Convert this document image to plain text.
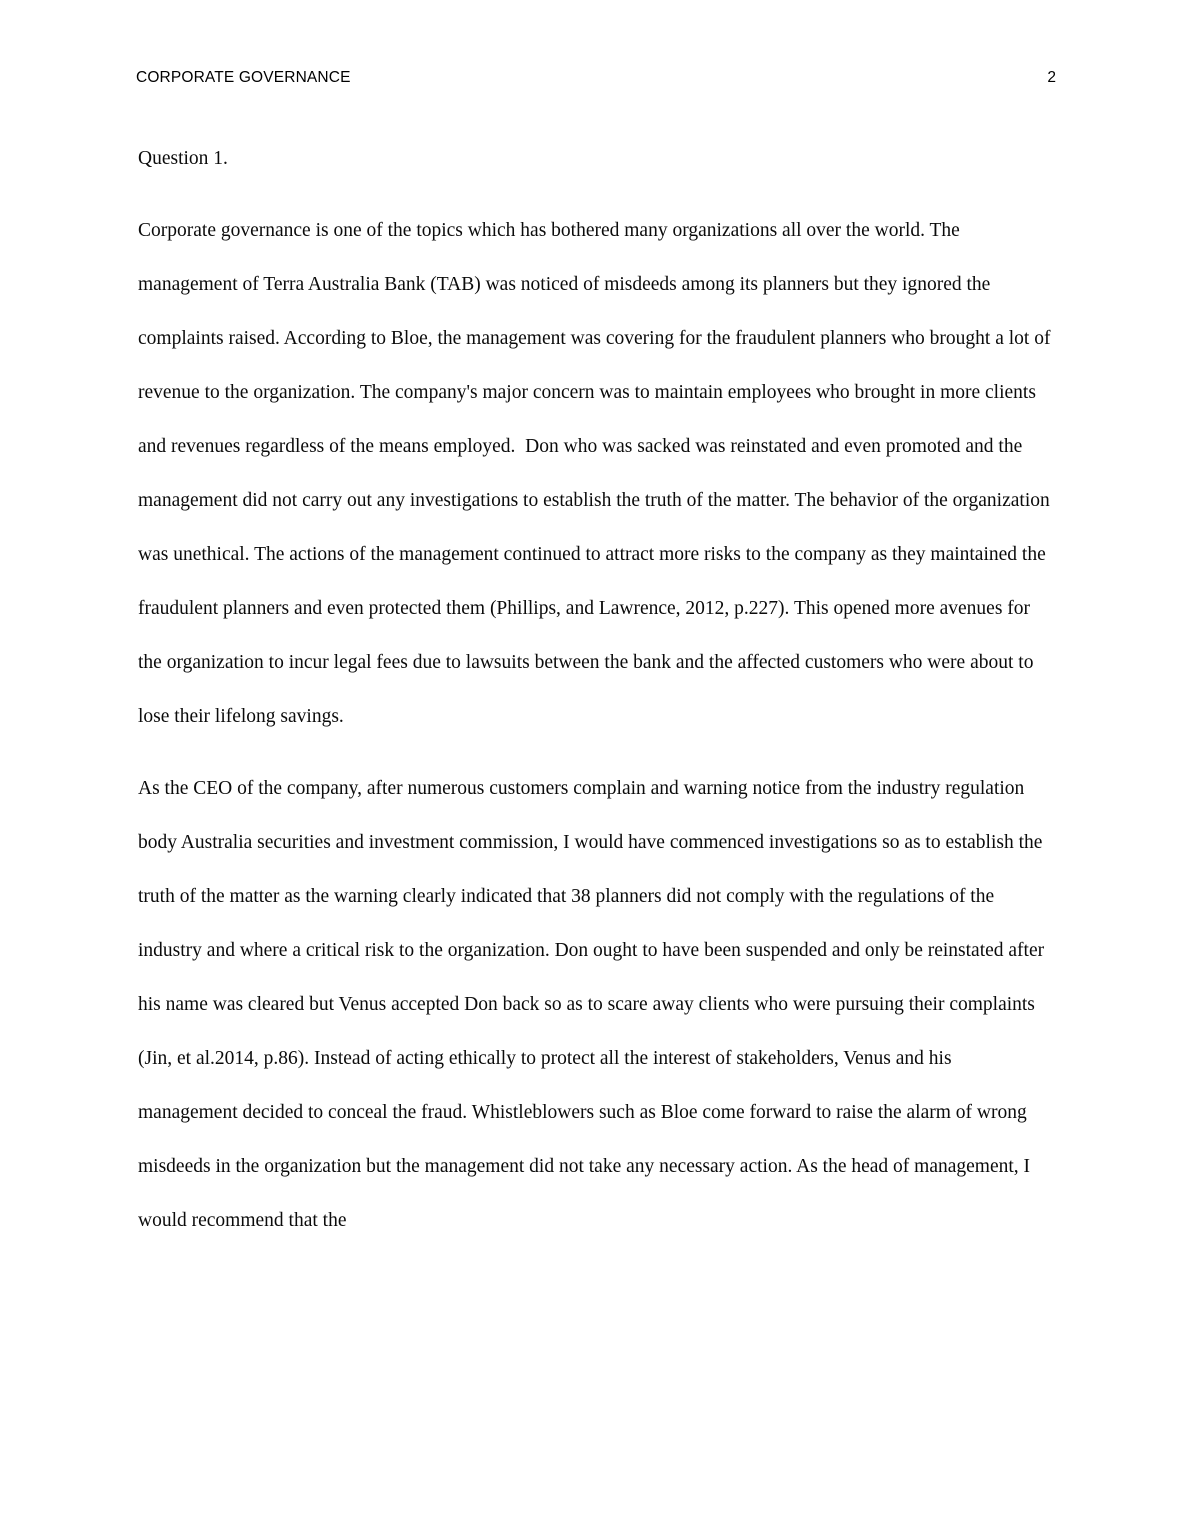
CORPORATE GOVERNANCE	2

Question 1.

Corporate governance is one of the topics which has bothered many organizations all over the world. The management of Terra Australia Bank (TAB) was noticed of misdeeds among its planners but they ignored the complaints raised. According to Bloe, the management was covering for the fraudulent planners who brought a lot of revenue to the organization. The company's major concern was to maintain employees who brought in more clients and revenues regardless of the means employed.  Don who was sacked was reinstated and even promoted and the management did not carry out any investigations to establish the truth of the matter. The behavior of the organization was unethical. The actions of the management continued to attract more risks to the company as they maintained the fraudulent planners and even protected them (Phillips, and Lawrence, 2012, p.227). This opened more avenues for the organization to incur legal fees due to lawsuits between the bank and the affected customers who were about to lose their lifelong savings.

As the CEO of the company, after numerous customers complain and warning notice from the industry regulation body Australia securities and investment commission, I would have commenced investigations so as to establish the truth of the matter as the warning clearly indicated that 38 planners did not comply with the regulations of the industry and where a critical risk to the organization. Don ought to have been suspended and only be reinstated after his name was cleared but Venus accepted Don back so as to scare away clients who were pursuing their complaints (Jin, et al.2014, p.86). Instead of acting ethically to protect all the interest of stakeholders, Venus and his management decided to conceal the fraud. Whistleblowers such as Bloe come forward to raise the alarm of wrong misdeeds in the organization but the management did not take any necessary action. As the head of management, I would recommend that the
